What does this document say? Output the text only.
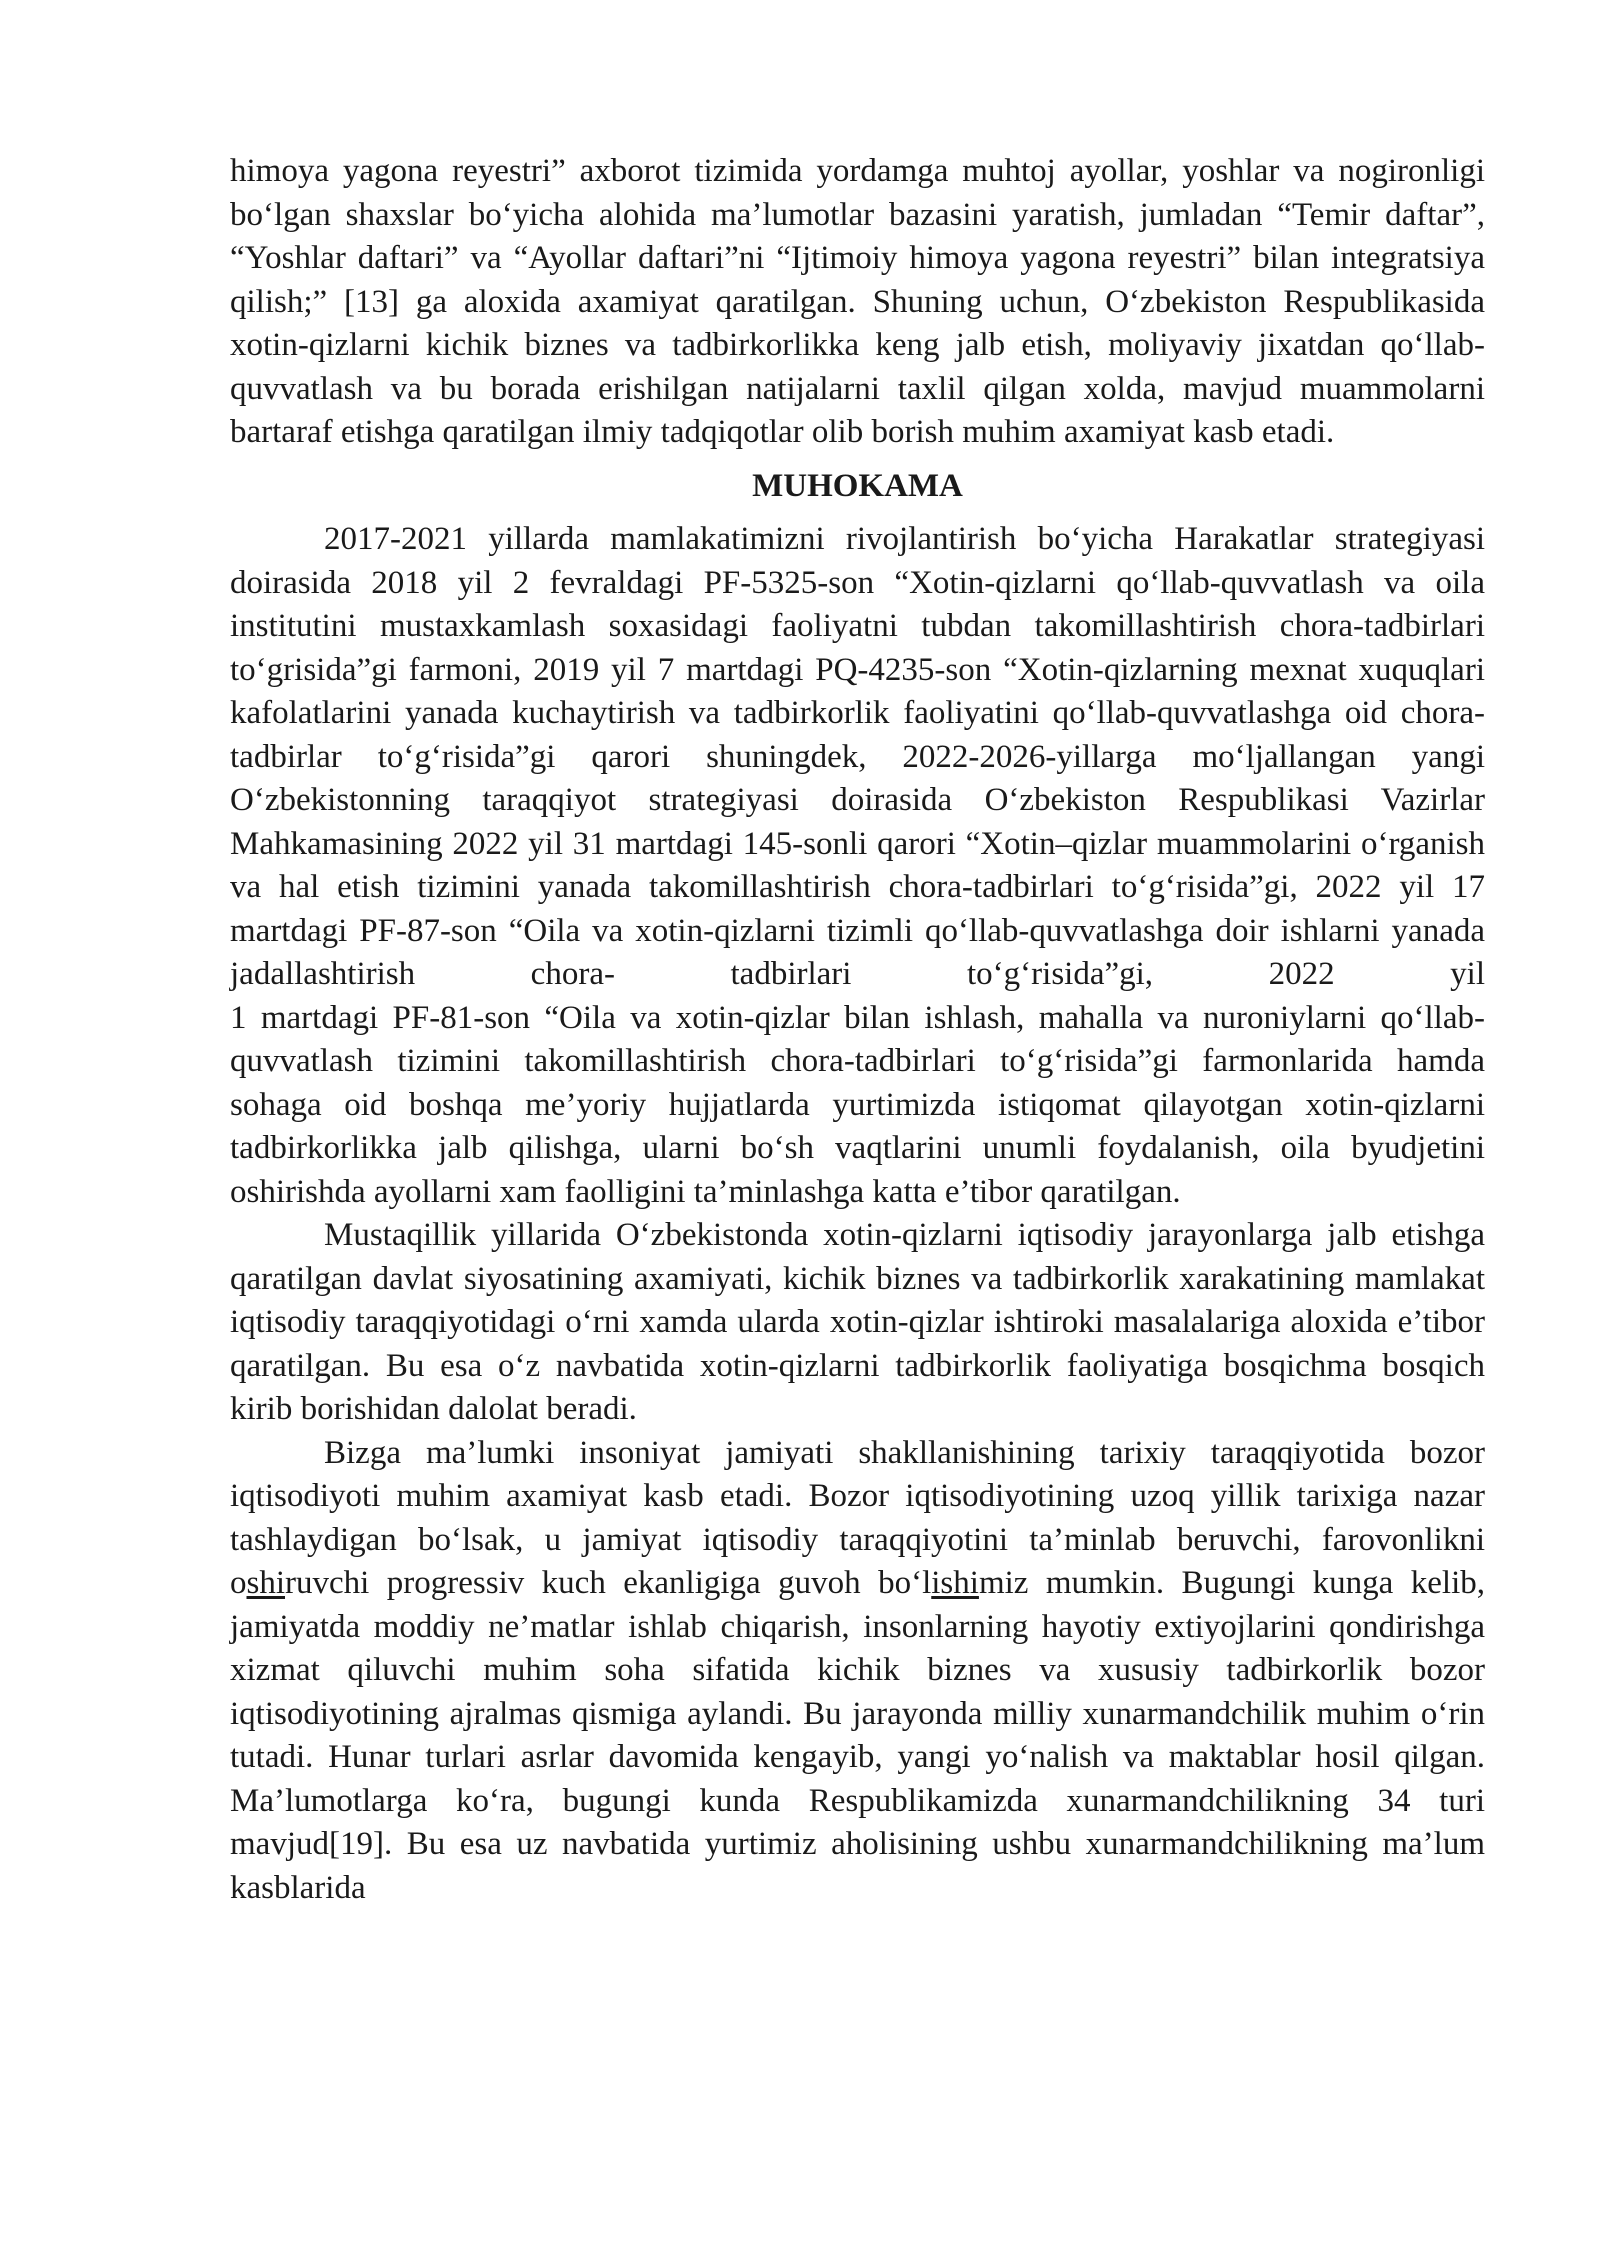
himoya yagona reyestri” axborot tizimida yordamga muhtoj ayollar, yoshlar va nogironligi bo‘lgan shaxslar bo‘yicha alohida ma’lumotlar bazasini yaratish, jumladan “Temir daftar”, “Yoshlar daftari” va “Ayollar daftari”ni “Ijtimoiy himoya yagona reyestri” bilan integratsiya qilish;” [13] ga aloxida axamiyat qaratilgan. Shuning uchun, O‘zbekiston Respublikasida xotin-qizlarni kichik biznes va tadbirkorlikka keng jalb etish, moliyaviy jixatdan qo‘llab-quvvatlash va bu borada erishilgan natijalarni taxlil qilgan xolda, mavjud muammolarni bartaraf etishga qaratilgan ilmiy tadqiqotlar olib borish muhim axamiyat kasb etadi.

MUHOKAMA

2017-2021 yillarda mamlakatimizni rivojlantirish bo‘yicha Harakatlar strategiyasi doirasida 2018 yil 2 fevraldagi PF-5325-son “Xotin-qizlarni qo‘llab-quvvatlash va oila institutini mustaxkamlash soxasidagi faoliyatni tubdan takomillashtirish chora-tadbirlari to‘grisida”gi farmoni, 2019 yil 7 martdagi PQ-4235-son “Xotin-qizlarning mexnat xuquqlari kafolatlarini yanada kuchaytirish va tadbirkorlik faoliyatini qo‘llab-quvvatlashga oid chora-tadbirlar to‘g‘risida”gi qarori shuningdek, 2022-2026-yillarga mo‘ljallangan yangi O‘zbekistonning taraqqiyot strategiyasi doirasida O‘zbekiston Respublikasi Vazirlar Mahkamasining 2022 yil 31 martdagi 145-sonli qarori “Xotin–qizlar muammolarini o‘rganish va hal etish tizimini yanada takomillashtirish chora-tadbirlari to‘g‘risida”gi, 2022 yil 17 martdagi PF-87-son “Oila va xotin-qizlarni tizimli qo‘llab-quvvatlashga doir ishlarni yanada jadallashtirish chora- tadbirlari to‘g‘risida”gi, 2022 yil

1 martdagi PF-81-son “Oila va xotin-qizlar bilan ishlash, mahalla va nuroniylarni qo‘llab-quvvatlash tizimini takomillashtirish chora-tadbirlari to‘g‘risida”gi farmonlarida hamda sohaga oid boshqa me’yoriy hujjatlarda yurtimizda istiqomat qilayotgan xotin-qizlarni tadbirkorlikka jalb qilishga, ularni bo‘sh vaqtlarini unumli foydalanish, oila byudjetini oshirishda ayollarni xam faolligini ta’minlashga katta e’tibor qaratilgan.

Mustaqillik yillarida O‘zbekistonda xotin-qizlarni iqtisodiy jarayonlarga jalb etishga qaratilgan davlat siyosatining axamiyati, kichik biznes va tadbirkorlik xarakatining mamlakat iqtisodiy taraqqiyotidagi o‘rni xamda ularda xotin-qizlar ishtiroki masalalariga aloxida e’tibor qaratilgan. Bu esa o‘z navbatida xotin-qizlarni tadbirkorlik faoliyatiga bosqichma bosqich kirib borishidan dalolat beradi.

Bizga ma’lumki insoniyat jamiyati shakllanishining tarixiy taraqqiyotida bozor iqtisodiyoti muhim axamiyat kasb etadi. Bozor iqtisodiyotining uzoq yillik tarixiga nazar tashlaydigan bo‘lsak, u jamiyat iqtisodiy taraqqiyotini ta’minlab beruvchi, farovonlikni oshiruvchi progressiv kuch ekanligiga guvoh bo‘lishimiz mumkin. Bugungi kunga kelib, jamiyatda moddiy ne’matlar ishlab chiqarish, insonlarning hayotiy extiyojlarini qondirishga xizmat qiluvchi muhim soha sifatida kichik biznes va xususiy tadbirkorlik bozor iqtisodiyotining ajralmas qismiga aylandi. Bu jarayonda milliy xunarmandchilik muhim o‘rin tutadi. Hunar turlari asrlar davomida kengayib, yangi yo‘nalish va maktablar hosil qilgan. Ma’lumotlarga ko‘ra, bugungi kunda Respublikamizda xunarmandchilikning 34 turi mavjud[19]. Bu esa uz navbatida yurtimiz aholisining ushbu xunarmandchilikning ma’lum kasblarida
